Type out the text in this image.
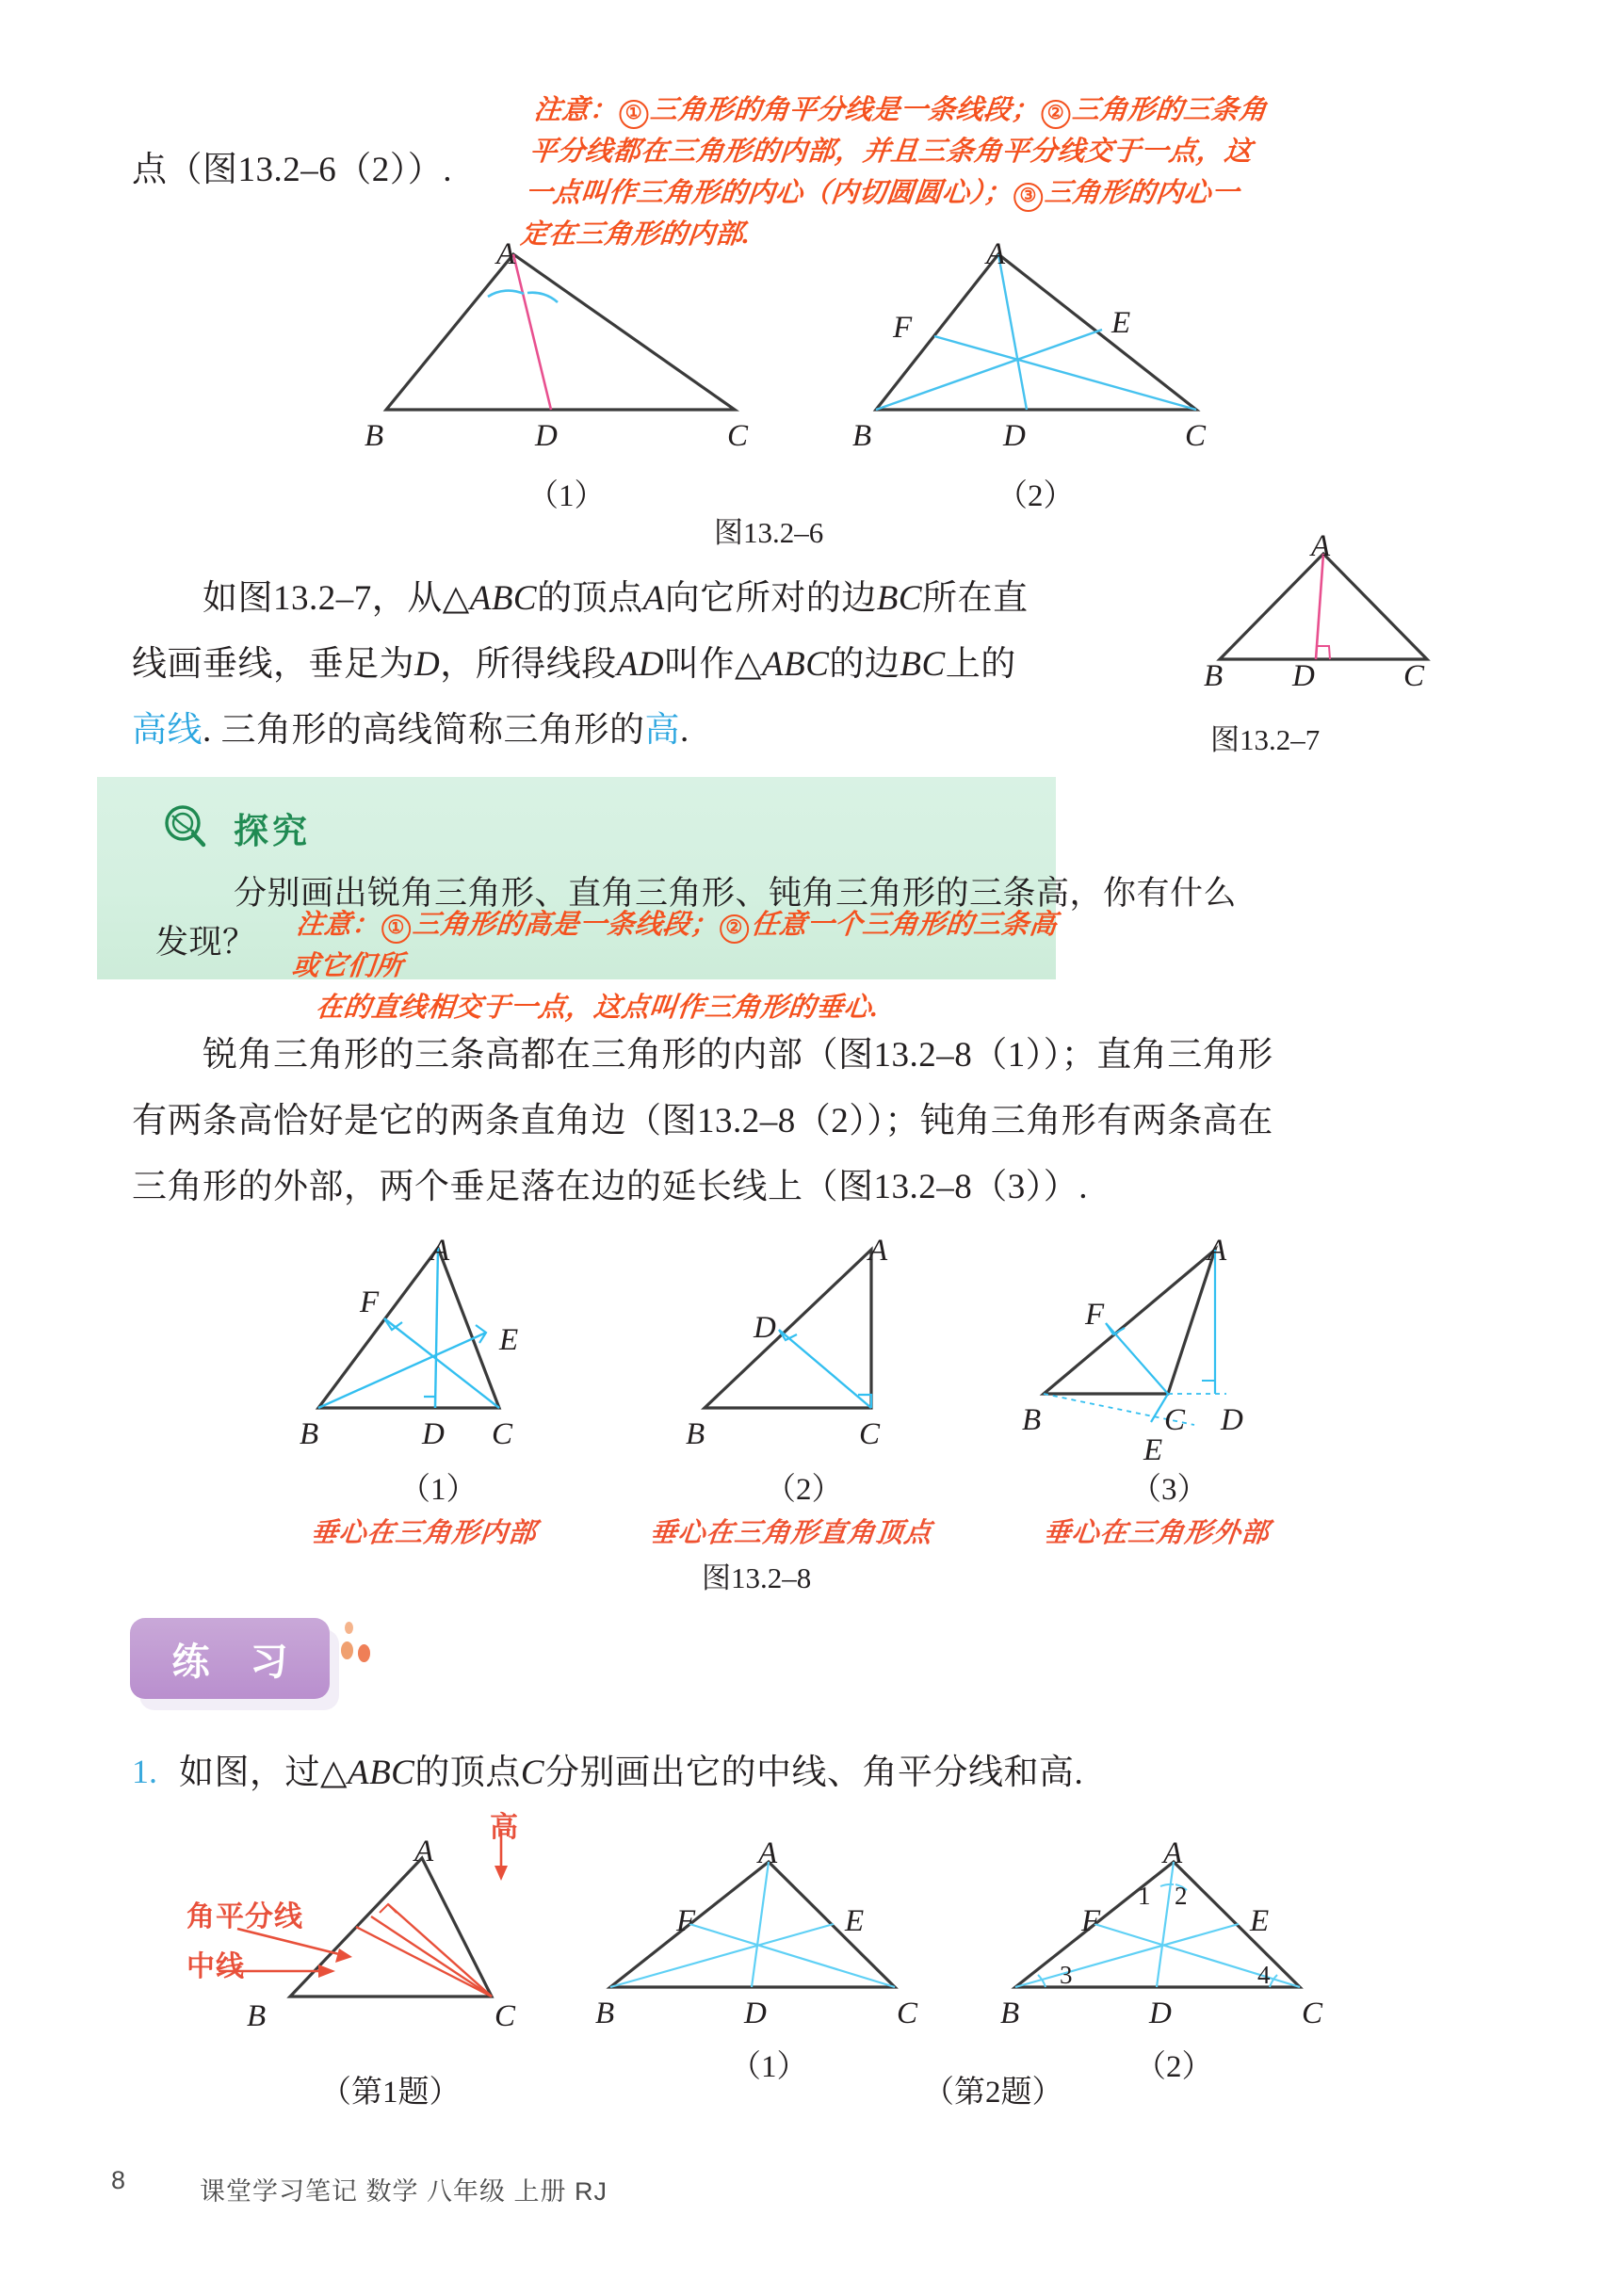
点（图13.2–6（2））.
注意： ① 三角形的角平分线是一条线段； ② 三角形的三条角
平分线都在三角形的内部，并且三条角平分线交于一点，这
一点叫作三角形的内心（内切圆圆心）； ③ 三角形的内心一
定在三角形的内部.
A
B	D	C
（1）
A
F	E
B	D	C
（2）
图13.2–6
如图13.2–7，从△ABC的顶点A向它所对的边BC所在直
线画垂线，垂足为D，所得线段AD叫作△ABC的边BC上的
高线. 三角形的高线简称三角形的高.
A
B D	C
图13.2–7
探究
分别画出锐角三角形、直角三角形、钝角三角形的三条高，你有什么
发现？ 注意： ① 三角形的高是一条线段； ② 任意一个三角形的三条高或它们所
在的直线相交于一点，这点叫作三角形的垂心.
锐角三角形的三条高都在三角形的内部（图13.2–8（1））；直角三角形
有两条高恰好是它的两条直角边（图13.2–8（2））；钝角三角形有两条高在
三角形的外部，两个垂足落在边的延长线上（图13.2–8（3））.
A
F
E
B	D C
（1）
垂心在三角形内部
A
D
B	C
（2）
垂心在三角形直角顶点
A
F
B	C D
E
（3）
垂心在三角形外部
图13.2–8
练 习
1. 如图，过△ABC的顶点C分别画出它的中线、角平分线和高.
高
角平分线
中线
A
B	C
（第1题）
A
F	E
B	D	C
（1）
A
1 2
F	E
3	4
B	D	C
（2）
（第2题）
8	课堂学习笔记 数学 八年级 上册 RJ
